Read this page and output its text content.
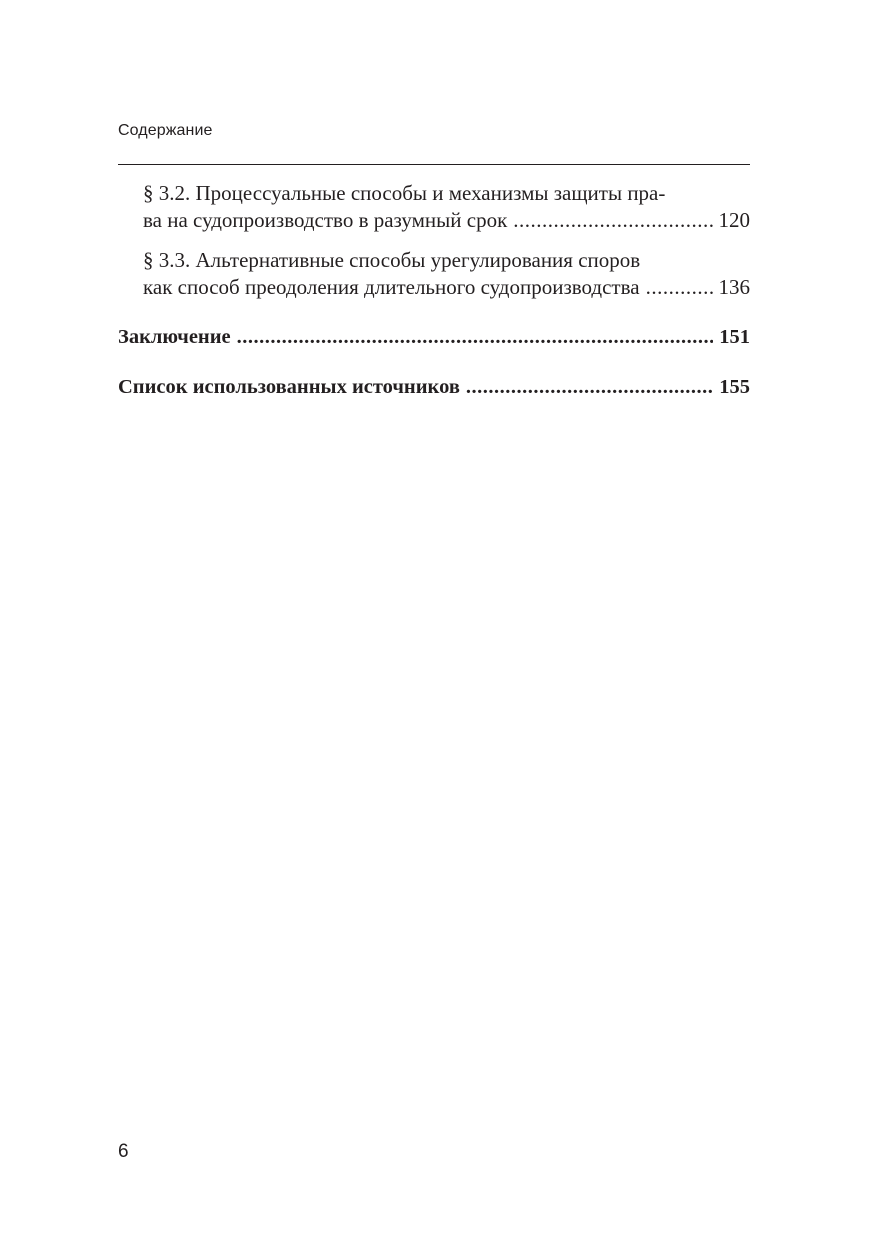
Содержание
§ 3.2. Процессуальные способы и механизмы защиты пра-
ва на судопроизводство в разумный срок .....	120
§ 3.3. Альтернативные способы урегулирования споров
как способ преодоления длительного судопроизводства .....	136
Заключение .....	151
Список использованных источников .....	155
6
